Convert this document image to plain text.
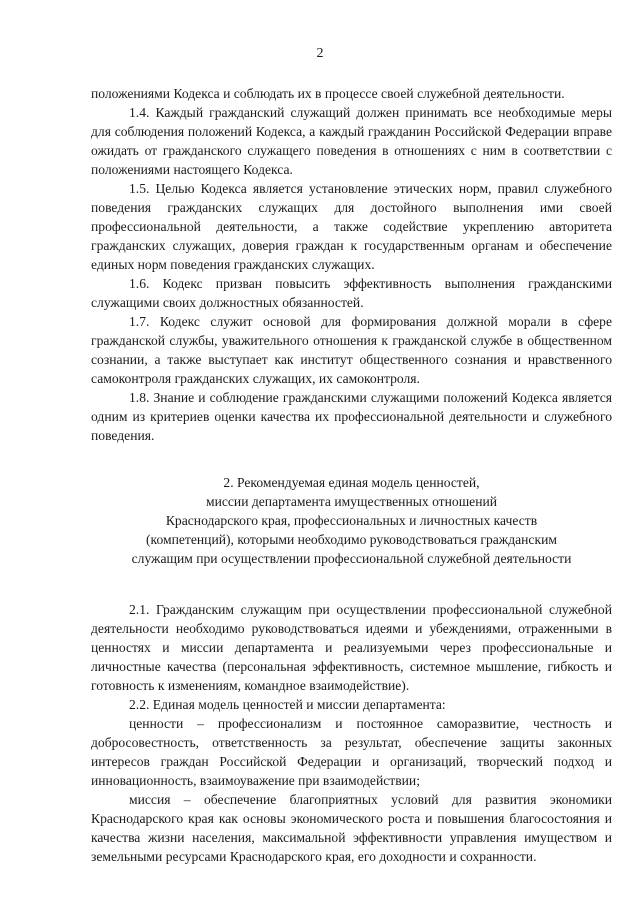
2

положениями Кодекса и соблюдать их в процессе своей служебной деятельности.

1.4. Каждый гражданский служащий должен принимать все необходимые меры для соблюдения положений Кодекса, а каждый гражданин Российской Федерации вправе ожидать от гражданского служащего поведения в отношениях с ним в соответствии с положениями настоящего Кодекса.

1.5. Целью Кодекса является установление этических норм, правил служебного поведения гражданских служащих для достойного выполнения ими своей профессиональной деятельности, а также содействие укреплению авторитета гражданских служащих, доверия граждан к государственным органам и обеспечение единых норм поведения гражданских служащих.

1.6. Кодекс призван повысить эффективность выполнения гражданскими служащими своих должностных обязанностей.

1.7. Кодекс служит основой для формирования должной морали в сфере гражданской службы, уважительного отношения к гражданской службе в общественном сознании, а также выступает как институт общественного сознания и нравственного самоконтроля гражданских служащих, их самоконтроля.

1.8. Знание и соблюдение гражданскими служащими положений Кодекса является одним из критериев оценки качества их профессиональной деятельности и служебного поведения.

2. Рекомендуемая единая модель ценностей,
миссии департамента имущественных отношений
Краснодарского края, профессиональных и личностных качеств
(компетенций), которыми необходимо руководствоваться гражданским
служащим при осуществлении профессиональной служебной деятельности

2.1. Гражданским служащим при осуществлении профессиональной служебной деятельности необходимо руководствоваться идеями и убеждениями, отраженными в ценностях и миссии департамента и реализуемыми через профессиональные и личностные качества (персональная эффективность, системное мышление, гибкость и готовность к изменениям, командное взаимодействие).

2.2. Единая модель ценностей и миссии департамента:

ценности – профессионализм и постоянное саморазвитие, честность и добросовестность, ответственность за результат, обеспечение защиты законных интересов граждан Российской Федерации и организаций, творческий подход и инновационность, взаимоуважение при взаимодействии;

миссия – обеспечение благоприятных условий для развития экономики Краснодарского края как основы экономического роста и повышения благосостояния и качества жизни населения, максимальной эффективности управления имуществом и земельными ресурсами Краснодарского края, его доходности и сохранности.
